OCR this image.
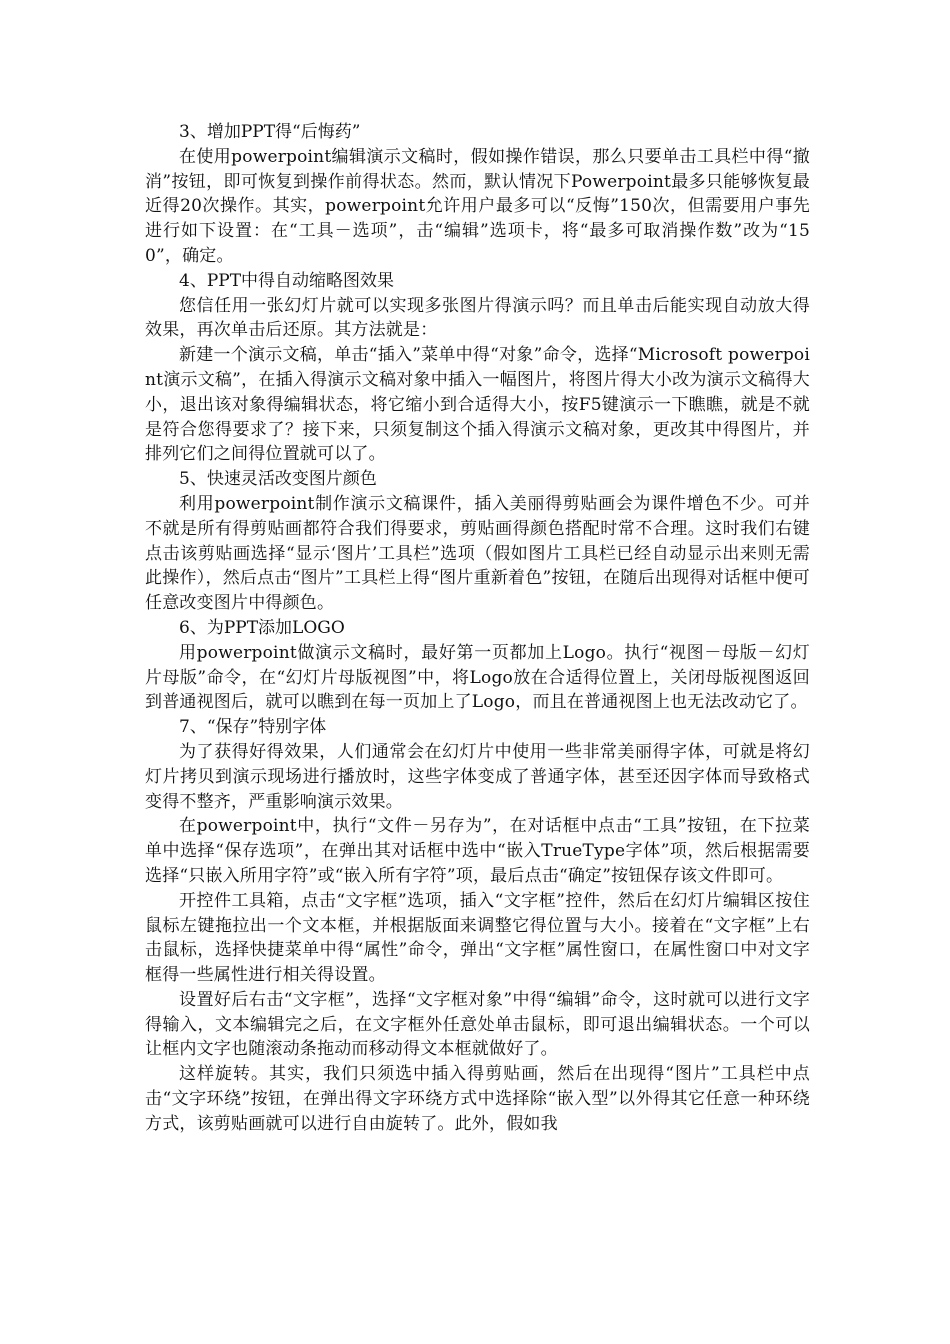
3、增加PPT得“后悔药”

在使用powerpoint编辑演示文稿时，假如操作错误，那么只要单击工具栏中得“撤消”按钮，即可恢复到操作前得状态。然而，默认情况下Powerpoint最多只能够恢复最近得20次操作。其实，powerpoint允许用户最多可以“反悔”150次，但需要用户事先进行如下设置：在“工具－选项”，击“编辑”选项卡，将“最多可取消操作数”改为“150”，确定。

4、PPT中得自动缩略图效果

您信任用一张幻灯片就可以实现多张图片得演示吗？而且单击后能实现自动放大得效果，再次单击后还原。其方法就是：

新建一个演示文稿，单击“插入”菜单中得“对象”命令，选择“Microsoft powerpoint演示文稿”，在插入得演示文稿对象中插入一幅图片，将图片得大小改为演示文稿得大小，退出该对象得编辑状态，将它缩小到合适得大小，按F5键演示一下瞧瞧，就是不就是符合您得要求了？接下来，只须复制这个插入得演示文稿对象，更改其中得图片，并排列它们之间得位置就可以了。

5、快速灵活改变图片颜色

利用powerpoint制作演示文稿课件，插入美丽得剪贴画会为课件增色不少。可并不就是所有得剪贴画都符合我们得要求，剪贴画得颜色搭配时常不合理。这时我们右键点击该剪贴画选择“显示‘图片’工具栏”选项（假如图片工具栏已经自动显示出来则无需此操作），然后点击“图片”工具栏上得“图片重新着色”按钮，在随后出现得对话框中便可任意改变图片中得颜色。

6、为PPT添加LOGO

用powerpoint做演示文稿时，最好第一页都加上Logo。执行“视图－母版－幻灯片母版”命令，在“幻灯片母版视图”中，将Logo放在合适得位置上，关闭母版视图返回到普通视图后，就可以瞧到在每一页加上了Logo，而且在普通视图上也无法改动它了。

7、“保存”特别字体

为了获得好得效果，人们通常会在幻灯片中使用一些非常美丽得字体，可就是将幻灯片拷贝到演示现场进行播放时，这些字体变成了普通字体，甚至还因字体而导致格式变得不整齐，严重影响演示效果。

在powerpoint中，执行“文件－另存为”，在对话框中点击“工具”按钮，在下拉菜单中选择“保存选项”，在弹出其对话框中选中“嵌入TrueType字体”项，然后根据需要选择“只嵌入所用字符”或“嵌入所有字符”项，最后点击“确定”按钮保存该文件即可。

开控件工具箱，点击“文字框”选项，插入“文字框”控件，然后在幻灯片编辑区按住鼠标左键拖拉出一个文本框，并根据版面来调整它得位置与大小。接着在“文字框”上右击鼠标，选择快捷菜单中得“属性”命令，弹出“文字框”属性窗口，在属性窗口中对文字框得一些属性进行相关得设置。

设置好后右击“文字框”，选择“文字框对象”中得“编辑”命令，这时就可以进行文字得输入，文本编辑完之后，在文字框外任意处单击鼠标，即可退出编辑状态。一个可以让框内文字也随滚动条拖动而移动得文本框就做好了。

这样旋转。其实，我们只须选中插入得剪贴画，然后在出现得“图片”工具栏中点击“文字环绕”按钮，在弹出得文字环绕方式中选择除“嵌入型”以外得其它任意一种环绕方式，该剪贴画就可以进行自由旋转了。此外，假如我
